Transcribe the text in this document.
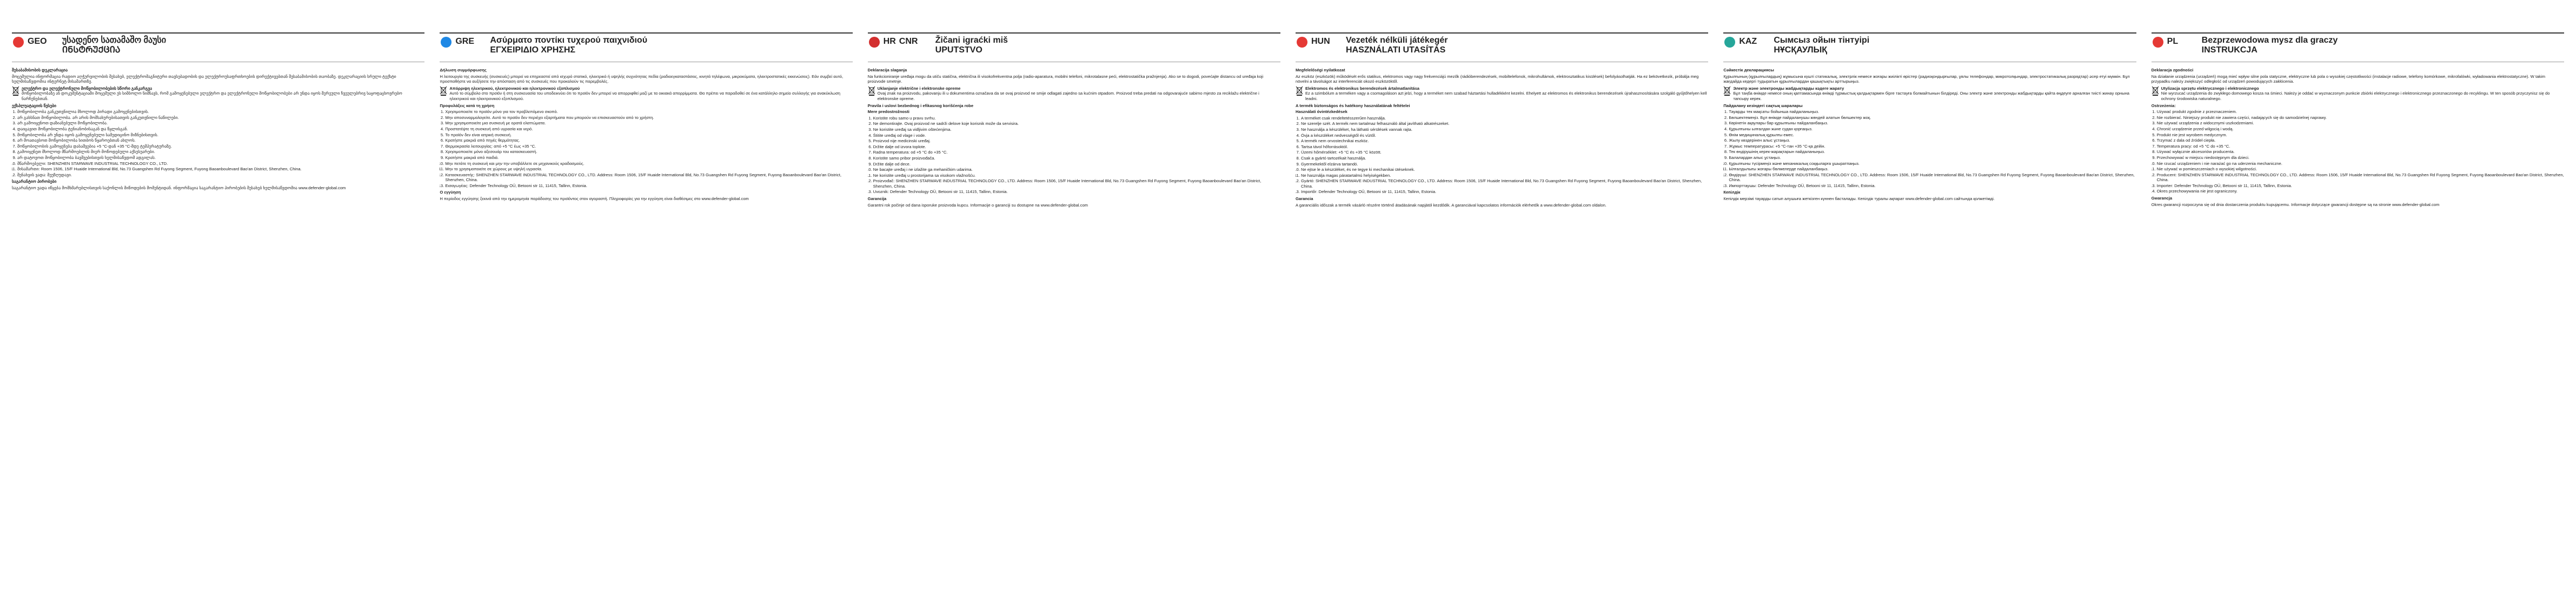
GEO	უსადენო სათამაშო მაუსი
ᲘᲜᲡᲢᲠᲣᲥᲪᲘᲐ
შესაბამისობის დეკლარაცია

მოცემულია ინფორმაცია რადიო აღჭურვილობის შესახებ, ელექტრომაგნიტური თავსებადობის და ელექტროუსაფრთხოების დირექტივებთან შესაბამისობის თაობაზე. დეკლარაციის სრული ტექსტი ხელმისაწვდომია ინტერნეტ მისამართზე.

ელექტრო და ელექტრონული მოწყობილობების სწორი განკარგვა
მოწყობილობაზე ან დოკუმენტაციაში მოცემული ეს სიმბოლო ნიშნავს, რომ გამოყენებული ელექტრო და ელექტრონული მოწყობილობები არ უნდა იყოს შერეული ჩვეულებრივ საყოფაცხოვრებო ნარჩენებთან.
ექსპლუატაციის წესები
1. მოწყობილობა განკუთვნილია მხოლოდ პირადი გამოყენებისთვის.
2. არ გახსნათ მოწყობილობა. არ არის მომსახურებისათვის განკუთვნილი ნაწილები.
3. არ გამოიყენოთ დაზიანებული მოწყობილობა.
4. დაიცავით მოწყობილობა ტენიანობისაგან და წყლისგან.
5. მოწყობილობა არ უნდა იყოს გამოყენებული სამედიცინო მიზნებისთვის.
6. არ მოათავსოთ მოწყობილობა სითბოს წყაროებთან ახლოს.
7. მოწყობილობის გამოყენება დასაშვებია +5 °C-დან +35 °C-მდე ტემპერატურაზე.
8. გამოიყენეთ მხოლოდ მწარმოებლის მიერ მოწოდებული აქსესუარები.
9. არ დატოვოთ მოწყობილობა ბავშვებისთვის ხელმისაწვდომ ადგილას.
10. მწარმოებელი: SHENZHEN STARWAVE INDUSTRIAL TECHNOLOGY CO., LTD.
11. მისამართი: Room 1506, 15/F Huaide International Bld, No.73 Guangshen Rd Fuyong Segment, Fuyong Baoanboulevard Bao'an District, Shenzhen, China.
12. შენახვის ვადა: შეუზღუდავი.
საგარანტიო პირობები

საგარანტიო ვადა იწყება მომხმარებლისთვის საქონლის მიწოდების მომენტიდან. ინფორმაცია საგარანტიო პირობების შესახებ ხელმისაწვდომია www.defender-global.com

GRE	Ασύρματο ποντίκι τυχερού παιχνιδιού
ΕΓΧΕΙΡΙΔΙΟ ΧΡΗΣΗΣ
Δήλωση συμμόρφωσης

Η λειτουργία της συσκευής (συσκευές) μπορεί να επηρεαστεί από ισχυρό στατικό, ηλεκτρικό ή υψηλής συχνότητας πεδία (ραδιοεγκαταστάσεις, κινητά τηλέφωνα, μικροκύματα, ηλεκτροστατικές εκκενώσεις). Εάν συμβεί αυτό, προσπαθήστε να αυξήσετε την απόσταση από τις συσκευές που προκαλούν τις παρεμβολές.

Απόρριψη ηλεκτρικού, ηλεκτρονικού και ηλεκτρονικού εξοπλισμού
Αυτό το σύμβολο στο προϊόν ή στη συσκευασία του υποδεικνύει ότι το προϊόν δεν μπορεί να απορριφθεί μαζί με τα οικιακά απορρίμματα. Θα πρέπει να παραδοθεί σε ένα κατάλληλο σημείο συλλογής για ανακύκλωση ηλεκτρικού και ηλεκτρονικού εξοπλισμού.
Προφυλάξεις κατά τη χρήση
1. Χρησιμοποιείτε το προϊόν μόνο για τον προβλεπόμενο σκοπό.
2. Μην αποσυναρμολογείτε. Αυτό το προϊόν δεν περιέχει εξαρτήματα που μπορούν να επισκευαστούν από το χρήστη.
3. Μην χρησιμοποιείτε μια συσκευή με ορατά ελαττώματα.
4. Προστατέψτε τη συσκευή από υγρασία και νερό.
5. Το προϊόν δεν είναι ιατρική συσκευή.
6. Κρατήστε μακριά από πηγές θερμότητας.
7. Θερμοκρασία λειτουργίας: από +5 °C έως +35 °C.
8. Χρησιμοποιείτε μόνο αξεσουάρ του κατασκευαστή.
9. Κρατήστε μακριά από παιδιά.
10. Μην πετάτε τη συσκευή και μην την υποβάλλετε σε μηχανικούς κραδασμούς.
11. Μην το χρησιμοποιείτε σε χώρους με υψηλή υγρασία.
12. Κατασκευαστής: SHENZHEN STARWAVE INDUSTRIAL TECHNOLOGY CO., LTD. Address: Room 1506, 15/F Huaide International Bld, No.73 Guangshen Rd Fuyong Segment, Fuyong Baoanboulevard Bao'an District, Shenzhen, China.
13. Εισαγωγέας: Defender Technology OÜ, Betooni str 11, 11415, Tallinn, Estonia.
Ο εγγύηση

Η περίοδος εγγύησης ξεκινά από την ημερομηνία παράδοσης του προϊόντος στον αγοραστή. Πληροφορίες για την εγγύηση είναι διαθέσιμες στο www.defender-global.com

HR CNR	Žičani igraćki miš
UPUTSTVO
Deklaracija slaganja

Na funkcioniranje uređaja mogu da utiču statična, električna ili visokofrekventna polja (radio-aparatura, mobilni telefoni, mikrotalasne peći, elektrostatička pražnjenja). Ako se to dogodi, povećajte distancu od uređaja koji proizvode smetnje.

Uklanjanje električne i elektronske opreme
Ovaj znak na proizvodu, pakovanju ili u dokumentima označava da se ovaj proizvod ne smije odlagati zajedno sa kućnim otpadom. Proizvod treba predati na odgovarajuće sabirno mjesto za reciklažu električne i elektronske opreme.
Pravila i uslovi bezbednog i efikasnog korišćenja robe
Mere predostrožnosti
1. Koristite robu samo u pravu svrhu.
2. Ne demontirajte. Ovaj proizvod ne sadrži delove koje korisnik može da servisira.
3. Ne koristite uređaj sa vidljivim oštećenjima.
4. Štitite uređaj od vlage i vode.
5. Proizvod nije medicinski uređaj.
6. Držite dalje od izvora toplote.
7. Radna temperatura: od +5 °C do +35 °C.
8. Koristite samo pribor proizvođača.
9. Držite dalje od dece.
10. Ne bacajte uređaj i ne izlažite ga mehaničkim udarima.
11. Ne koristite uređaj u prostorijama sa visokom vlažnošću.
12. Proizvođač: SHENZHEN STARWAVE INDUSTRIAL TECHNOLOGY CO., LTD. Address: Room 1506, 15/F Huaide International Bld, No.73 Guangshen Rd Fuyong Segment, Fuyong Baoanboulevard Bao'an District, Shenzhen, China.
13. Uvoznik: Defender Technology OÜ, Betooni str 11, 11415, Tallinn, Estonia.
Garancija

Garantni rok počinje od dana isporuke proizvoda kupcu. Informacije o garanciji su dostupne na www.defender-global.com

HUN	Vezeték nélküli játékegér
HASZNÁLATI UTASÍTÁS
Megfelelőségi nyilatkozat

Az eszköz (eszközök) működését erős statikus, elektromos vagy nagy frekvenciájú mezők (rádióberendezések, mobiltelefonok, mikrohullámok, elektrosztatikus kisülések) befolyásolhatják. Ha ez bekövetkezik, próbálja meg növelni a távolságot az interferenciát okozó eszközöktől.

Elektromos és elektronikus berendezések ártalmatlanítása
Ez a szimbólum a terméken vagy a csomagoláson azt jelzi, hogy a terméket nem szabad háztartási hulladékként kezelni. Ehelyett az elektromos és elektronikus berendezések újrahasznosítására szolgáló gyűjtőhelyen kell leadni.
A termék biztonságos és hatékony használatának feltételei
Használati óvintézkedések
1. A terméket csak rendeltetésszerűen használja.
2. Ne szerelje szét. A termék nem tartalmaz felhasználó által javítható alkatrészeket.
3. Ne használja a készüléket, ha látható sérülések vannak rajta.
4. Óvja a készüléket nedvességtől és víztől.
5. A termék nem orvostechnikai eszköz.
6. Tartsa távol hőforrásoktól.
7. Üzemi hőmérséklet: +5 °C és +35 °C között.
8. Csak a gyártó tartozékait használja.
9. Gyermekektől elzárva tartandó.
10. Ne ejtse le a készüléket, és ne tegye ki mechanikai ütéseknek.
11. Ne használja magas páratartalmú helyiségekben.
12. Gyártó: SHENZHEN STARWAVE INDUSTRIAL TECHNOLOGY CO., LTD. Address: Room 1506, 15/F Huaide International Bld, No.73 Guangshen Rd Fuyong Segment, Fuyong Baoanboulevard Bao'an District, Shenzhen, China.
13. Importőr: Defender Technology OÜ, Betooni str 11, 11415, Tallinn, Estonia.
Garancia

A garanciális időszak a termék vásárló részére történő átadásának napjától kezdődik. A garanciával kapcsolatos információk elérhetők a www.defender-global.com oldalon.

KAZ	Сымсыз ойын тінтуірі
НҰСҚАУЛЫҚ
Сәйкестік декларациясы

Құрылғының (құрылғылардың) жұмысына күшті статикалық, электрлік немесе жоғары жиілікті өрістер (радиоқондырғылар, ұялы телефондар, микротолқындар, электростатикалық разрядтар) әсер етуі мүмкін. Бұл жағдайда кедергі тудыратын құрылғылардан қашықтықты арттырыңыз.

Электр және электронды жабдықтарды кәдеге жарату
Бұл таңба өнімде немесе оның қаптамасында өнімді тұрмыстық қалдықтармен бірге тастауға болмайтынын білдіреді. Оны электр және электронды жабдықтарды қайта өңдеуге арналған тиісті жинау орнына тапсыру керек.
Пайдалану кезіндегі сақтық шаралары
1. Тауарды тек мақсаты бойынша пайдаланыңыз.
2. Бөлшектемеңіз. Бұл өнімде пайдаланушы жөндей алатын бөлшектер жоқ.
3. Көрінетін ақаулары бар құрылғыны пайдаланбаңыз.
4. Құрылғыны ылғалдан және судан қорғаңыз.
5. Өнім медициналық құрылғы емес.
6. Жылу көздерінен алыс ұстаңыз.
7. Жұмыс температурасы: +5 °C-тан +35 °C-қа дейін.
8. Тек өндірушінің керек-жарақтарын пайдаланыңыз.
9. Балалардан алыс ұстаңыз.
10. Құрылғыны түсірмеңіз және механикалық соққыларға ұшыратпаңыз.
11. Ылғалдылығы жоғары бөлмелерде пайдаланбаңыз.
12. Өндіруші: SHENZHEN STARWAVE INDUSTRIAL TECHNOLOGY CO., LTD. Address: Room 1506, 15/F Huaide International Bld, No.73 Guangshen Rd Fuyong Segment, Fuyong Baoanboulevard Bao'an District, Shenzhen, China.
13. Импорттаушы: Defender Technology OÜ, Betooni str 11, 11415, Tallinn, Estonia.
Кепілдік

Кепілдік мерзімі тауарды сатып алушыға жеткізген күннен басталады. Кепілдік туралы ақпарат www.defender-global.com сайтында қолжетімді.

PL	Bezprzewodowa mysz dla graczy
INSTRUKCJA
Deklaracja zgodności

Na działanie urządzenia (urządzeń) mogą mieć wpływ silne pola statyczne, elektryczne lub pola o wysokiej częstotliwości (instalacje radiowe, telefony komórkowe, mikrofalówki, wyładowania elektrostatyczne). W takim przypadku należy zwiększyć odległość od urządzeń powodujących zakłócenia.

Utylizacja sprzętu elektrycznego i elektronicznego
Nie wyrzucać urządzenia do zwykłego domowego kosza na śmieci. Należy je oddać w wyznaczonym punkcie zbiórki elektrycznego i elektronicznego przeznaczonego do recyklingu. W ten sposób przyczynisz się do ochrony środowiska naturalnego.
Ostrzeżenia:
1. Używać produkt zgodnie z przeznaczeniem.
2. Nie rozbierać. Niniejszy produkt nie zawiera części, nadających się do samodzielnej naprawy.
3. Nie używać urządzenia z widocznymi uszkodzeniami.
4. Chronić urządzenie przed wilgocią i wodą.
5. Produkt nie jest wyrobem medycznym.
6. Trzymać z dala od źródeł ciepła.
7. Temperatura pracy: od +5 °C do +35 °C.
8. Używać wyłącznie akcesoriów producenta.
9. Przechowywać w miejscu niedostępnym dla dzieci.
10. Nie rzucać urządzeniem i nie narażać go na uderzenia mechaniczne.
11. Nie używać w pomieszczeniach o wysokiej wilgotności.
12. Producent: SHENZHEN STARWAVE INDUSTRIAL TECHNOLOGY CO., LTD. Address: Room 1506, 15/F Huaide International Bld, No.73 Guangshen Rd Fuyong Segment, Fuyong Baoanboulevard Bao'an District, Shenzhen, China.
13. Importer: Defender Technology OÜ, Betooni str 11, 11415, Tallinn, Estonia.
14. Okres przechowywania nie jest ograniczony.
Gwarancja

Okres gwarancji rozpoczyna się od dnia dostarczenia produktu kupującemu. Informacje dotyczące gwarancji dostępne są na stronie www.defender-global.com
